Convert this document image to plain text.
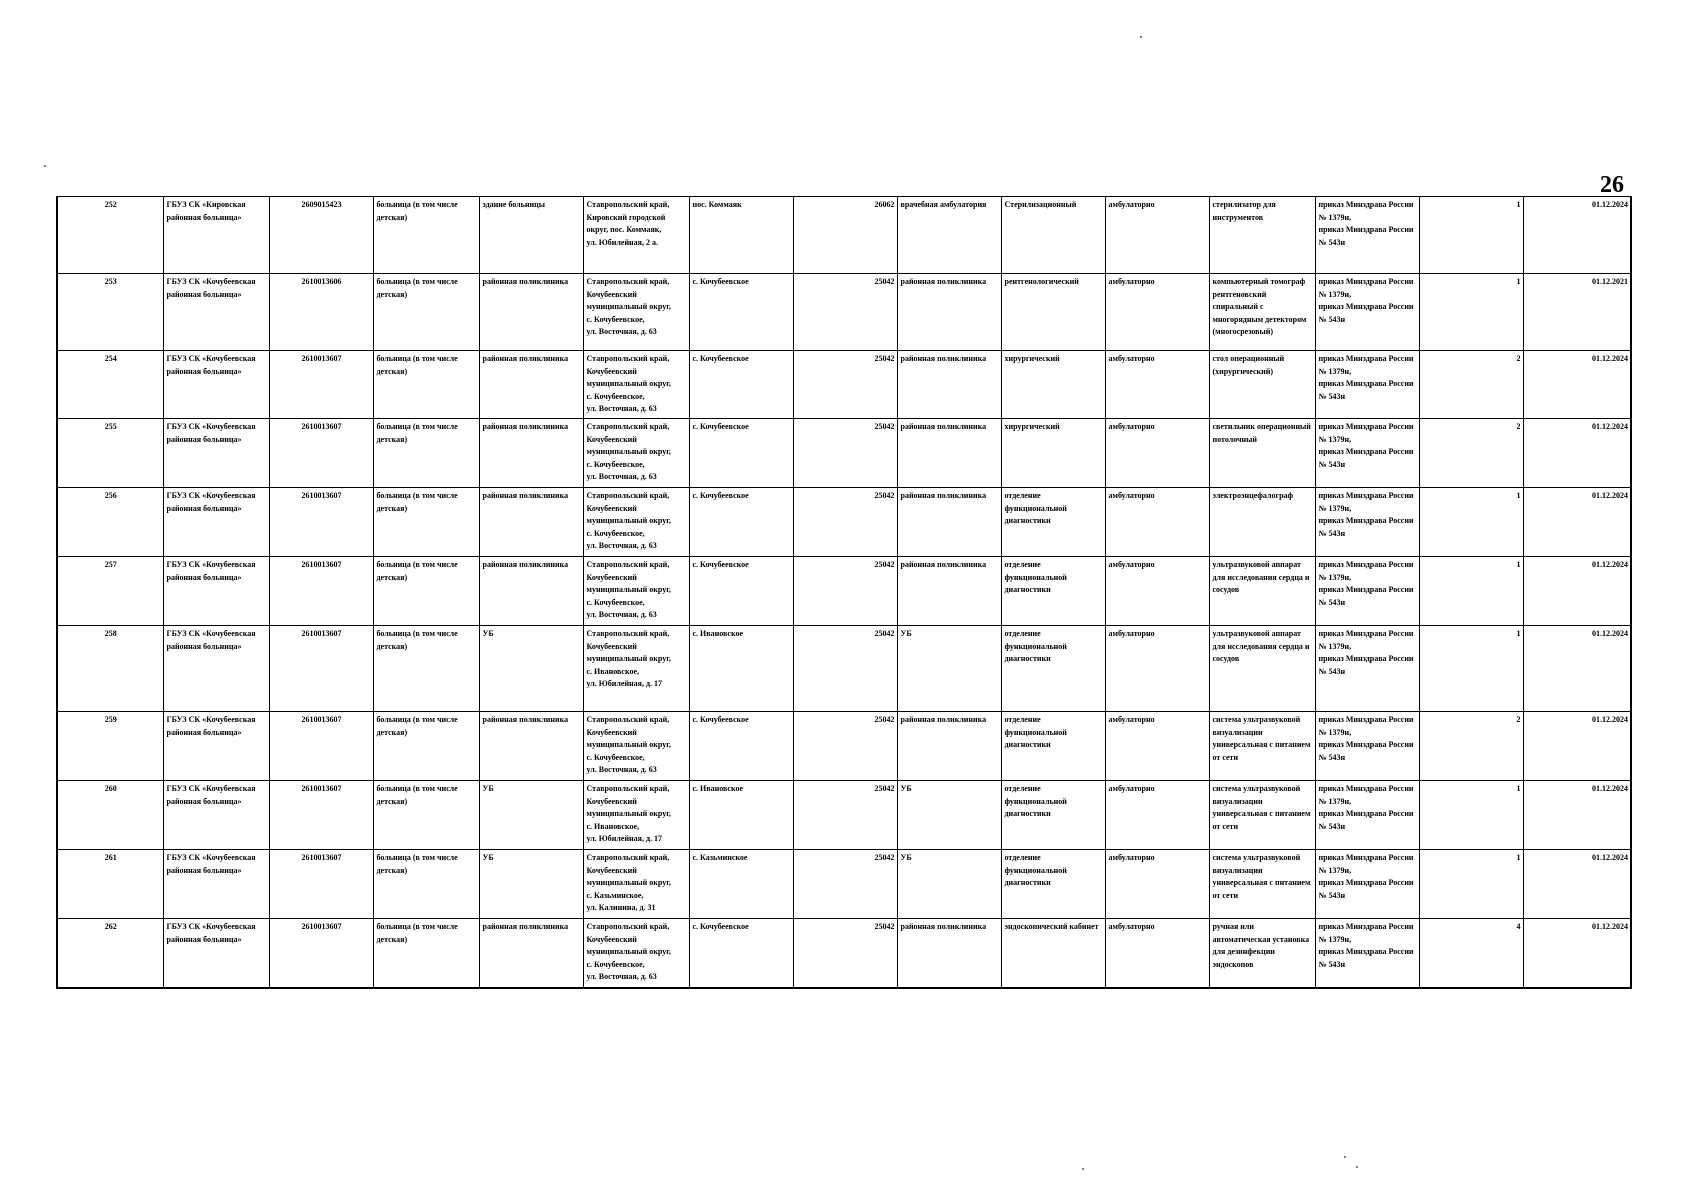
26
252	ГБУЗ СК «Кировская
районная больница»	2609015423	больница (в том числе
детская)	здание больницы	Ставропольский край,
Кировский городской
округ, пос. Коммаяк,
ул. Юбилейная, 2 а.	пос. Коммаяк	26062	врачебная амбулатория	Стерилизационный	амбулаторно	стерилизатор для
инструментов	приказ Минздрава России
№ 1379н,
приказ Минздрава России
№ 543н	1	01.12.2024
253	ГБУЗ СК «Кочубеевская
районная больница»	2610013606	больница (в том числе
детская)	районная поликлиника	Ставропольский край,
Кочубеевский
муниципальный округ,
с. Кочубеевское,
ул. Восточная, д. 63	с. Кочубеевское	25042	районная поликлиника	рентгенологический	амбулаторно	компьютерный томограф
рентгеновский
спиральный с
многорядным детектором
(многосрезовый)	приказ Минздрава России
№ 1379н,
приказ Минздрава России
№ 543н	1	01.12.2021
254	ГБУЗ СК «Кочубеевская
районная больница»	2610013607	больница (в том числе
детская)	районная поликлиника	Ставропольский край,
Кочубеевский
муниципальный округ,
с. Кочубеевское,
ул. Восточная, д. 63	с. Кочубеевское	25042	районная поликлиника	хирургический	амбулаторно	стол операционный
(хирургический)	приказ Минздрава России
№ 1379н,
приказ Минздрава России
№ 543н	2	01.12.2024
255	ГБУЗ СК «Кочубеевская
районная больница»	2610013607	больница (в том числе
детская)	районная поликлиника	Ставропольский край,
Кочубеевский
муниципальный округ,
с. Кочубеевское,
ул. Восточная, д. 63	с. Кочубеевское	25042	районная поликлиника	хирургический	амбулаторно	светильник операционный
потолочный	приказ Минздрава России
№ 1379н,
приказ Минздрава России
№ 543н	2	01.12.2024
256	ГБУЗ СК «Кочубеевская
районная больница»	2610013607	больница (в том числе
детская)	районная поликлиника	Ставропольский край,
Кочубеевский
муниципальный округ,
с. Кочубеевское,
ул. Восточная, д. 63	с. Кочубеевское	25042	районная поликлиника	отделение
функциональной
диагностики	амбулаторно	электроэнцефалограф	приказ Минздрава России
№ 1379н,
приказ Минздрава России
№ 543н	1	01.12.2024
257	ГБУЗ СК «Кочубеевская
районная больница»	2610013607	больница (в том числе
детская)	районная поликлиника	Ставропольский край,
Кочубеевский
муниципальный округ,
с. Кочубеевское,
ул. Восточная, д. 63	с. Кочубеевское	25042	районная поликлиника	отделение
функциональной
диагностики	амбулаторно	ультразвуковой аппарат
для исследования сердца и
сосудов	приказ Минздрава России
№ 1379н,
приказ Минздрава России
№ 543н	1	01.12.2024
258	ГБУЗ СК «Кочубеевская
районная больница»	2610013607	больница (в том числе
детская)	УБ	Ставропольский край,
Кочубеевский
муниципальный округ,
с. Ивановское,
ул. Юбилейная, д. 17	с. Ивановское	25042	УБ	отделение
функциональной
диагностики	амбулаторно	ультразвуковой аппарат
для исследования сердца и
сосудов	приказ Минздрава России
№ 1379н,
приказ Минздрава России
№ 543н	1	01.12.2024
259	ГБУЗ СК «Кочубеевская
районная больница»	2610013607	больница (в том числе
детская)	районная поликлиника	Ставропольский край,
Кочубеевский
муниципальный округ,
с. Кочубеевское,
ул. Восточная, д. 63	с. Кочубеевское	25042	районная поликлиника	отделение
функциональной
диагностики	амбулаторно	система ультразвуковой
визуализации
универсальная с питанием
от сети	приказ Минздрава России
№ 1379н,
приказ Минздрава России
№ 543н	2	01.12.2024
260	ГБУЗ СК «Кочубеевская
районная больница»	2610013607	больница (в том числе
детская)	УБ	Ставропольский край,
Кочубеевский
муниципальный округ,
с. Ивановское,
ул. Юбилейная, д. 17	с. Ивановское	25042	УБ	отделение
функциональной
диагностики	амбулаторно	система ультразвуковой
визуализации
универсальная с питанием
от сети	приказ Минздрава России
№ 1379н,
приказ Минздрава России
№ 543н	1	01.12.2024
261	ГБУЗ СК «Кочубеевская
районная больница»	2610013607	больница (в том числе
детская)	УБ	Ставропольский край,
Кочубеевский
муниципальный округ,
с. Казьминское,
ул. Калинина, д. 31	с. Казьминское	25042	УБ	отделение
функциональной
диагностики	амбулаторно	система ультразвуковой
визуализации
универсальная с питанием
от сети	приказ Минздрава России
№ 1379н,
приказ Минздрава России
№ 543н	1	01.12.2024
262	ГБУЗ СК «Кочубеевская
районная больница»	2610013607	больница (в том числе
детская)	районная поликлиника	Ставропольский край,
Кочубеевский
муниципальный округ,
с. Кочубеевское,
ул. Восточная, д. 63	с. Кочубеевское	25042	районная поликлиника	эндоскопический кабинет	амбулаторно	ручная или
автоматическая установка
для дезинфекции
эндоскопов	приказ Минздрава России
№ 1379н,
приказ Минздрава России
№ 543н	4	01.12.2024
